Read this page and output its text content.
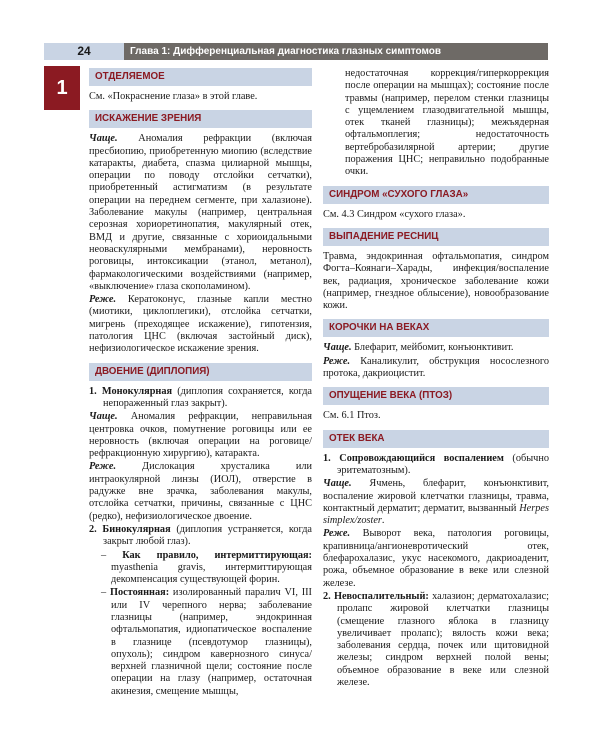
24	Глава 1: Дифференциальная диагностика глазных симптомов
1
ОТДЕЛЯЕМОЕ

См. «Покраснение глаза» в этой главе.

ИСКАЖЕНИЕ ЗРЕНИЯ

Чаще. Аномалия рефракции (включая пресбиопию, приобретенную миопию (вследствие катаракты, диабета, спазма цилиарной мышцы, операции по поводу отслойки сетчатки), приобретенный астигматизм (в результате операции на переднем сегменте, при халазионе). Заболевание макулы (например, центральная серозная хориоретинопатия, макулярный отек, ВМД и другие, связанные с хориоидальными неоваскулярными мембранами), неровность роговицы, интоксикации (этанол, метанол), фармакологическими воздействиями (например, «выключение» глаза скополамином).

Реже. Кератоконус, глазные капли местно (миотики, циклоплегики), отслойка сетчатки, мигрень (преходящее искажение), гипотензия, патология ЦНС (включая застойный диск), нефизиологическое искажение зрения.

ДВОЕНИЕ (ДИПЛОПИЯ)

1. Монокулярная (диплопия сохраняется, когда непораженный глаз закрыт).

Чаще. Аномалия рефракции, неправильная центровка очков, помутнение роговицы или ее неровность (включая операции на роговице/рефракционную хирургию), катаракта.

Реже. Дислокация хрусталика или интраокулярной линзы (ИОЛ), отверстие в радужке вне зрачка, заболевания макулы, отслойка сетчатки, причины, связанные с ЦНС (редко), нефизиологическое двоение.

2. Бинокулярная (диплопия устраняется, когда закрыт любой глаз).

– Как правило, интермиттирующая: myasthenia gravis, интермиттирующая декомпенсация существующей форин.

– Постоянная: изолированный паралич VI, III или IV черепного нерва; заболевание глазницы (например, эндокринная офтальмопатия, идиопатическое воспаление в глазнице (псевдотумор глазницы), опухоль); синдром кавернозного синуса/верхней глазничной щели; состояние после операции на глазу (например, остаточная акинезия, смещение мышцы,

недостаточная коррекция/гиперкоррекция после операции на мышцах); состояние после травмы (например, перелом стенки глазницы с ущемлением глазодвигательной мышцы, отек тканей глазницы); межъядерная офтальмоплегия; недостаточность вертебробазилярной артерии; другие поражения ЦНС; неправильно подобранные очки.

СИНДРОМ «СУХОГО ГЛАЗА»

См. 4.3 Синдром «сухого глаза».

ВЫПАДЕНИЕ РЕСНИЦ

Травма, эндокринная офтальмопатия, синдром Фогта–Коянаги–Харады, инфекция/воспаление век, радиация, хроническое заболевание кожи (например, гнездное облысение), новообразование кожи.

КОРОЧКИ НА ВЕКАХ

Чаще. Блефарит, мейбомит, конъюнктивит.

Реже. Каналикулит, обструкция носослезного протока, дакриоцистит.

ОПУЩЕНИЕ ВЕКА (ПТОЗ)

См. 6.1 Птоз.

ОТЕК ВЕКА

1. Сопровождающийся воспалением (обычно эритематозным).

Чаще. Ячмень, блефарит, конъюнктивит, воспаление жировой клетчатки глазницы, травма, контактный дерматит; дерматит, вызванный Herpes simplex/zoster.

Реже. Выворот века, патология роговицы, крапивница/ангионевротический отек, блефарохалазис, укус насекомого, дакриоаденит, рожа, объемное образование в веке или слезной железе.

2. Невоспалительный: халазион; дерматохалазис; пролапс жировой клетчатки глазницы (смещение глазного яблока в глазницу увеличивает пролапс); вялость кожи века; заболевания сердца, почек или щитовидной железы; синдром верхней полой вены; объемное образование в веке или слезной железе.
